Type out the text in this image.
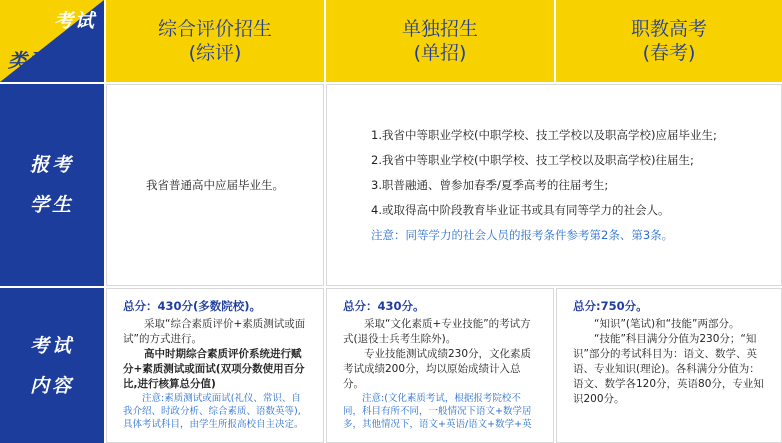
考试
类型
综合评价招生
(综评)
单独招生
(单招)
职教高考
(春考)
报考
学生
我省普通高中应届毕业生。
1.我省中等职业学校(中职学校、技工学校以及职高学校)应届毕业生;
2.我省中等职业学校(中职学校、技工学校以及职高学校)往届生;
3.职普融通、曾参加春季/夏季高考的往届考生;
4.或取得高中阶段教育毕业证书或具有同等学力的社会人。
注意：同等学力的社会人员的报考条件参考第2条、第3条。
考试
内容
总分：430分(多数院校)。
采取“综合素质评价+素质测试或面试”的方式进行。
高中时期综合素质评价系统进行赋分+素质测试或面试(双项分数使用百分比,进行核算总分值)
注意:素质测试或面试(礼仪、常识、自我介绍、时政分析、综合素质、语数英等),具体考试科目，由学生所报高校自主决定。
总分：430分。
采取“文化素质+专业技能”的考试方式(退役士兵考生除外)。
专业技能测试成绩230分，文化素质考试成绩200分，均以原始成绩计入总分。
注意:(文化素质考试，根据报考院校不同，科目有所不同，一般情况下语文+数学居多，其他情况下，语文+英语/语文+数学+英
总分:750分。
“知识”(笔试)和“技能”两部分。
“技能”科目满分分值为230分；“知识”部分的考试科目为：语文、数学、英语、专业知识(理论)。各科满分分值为：语文、数学各120分，英语80分，专业知识200分。
